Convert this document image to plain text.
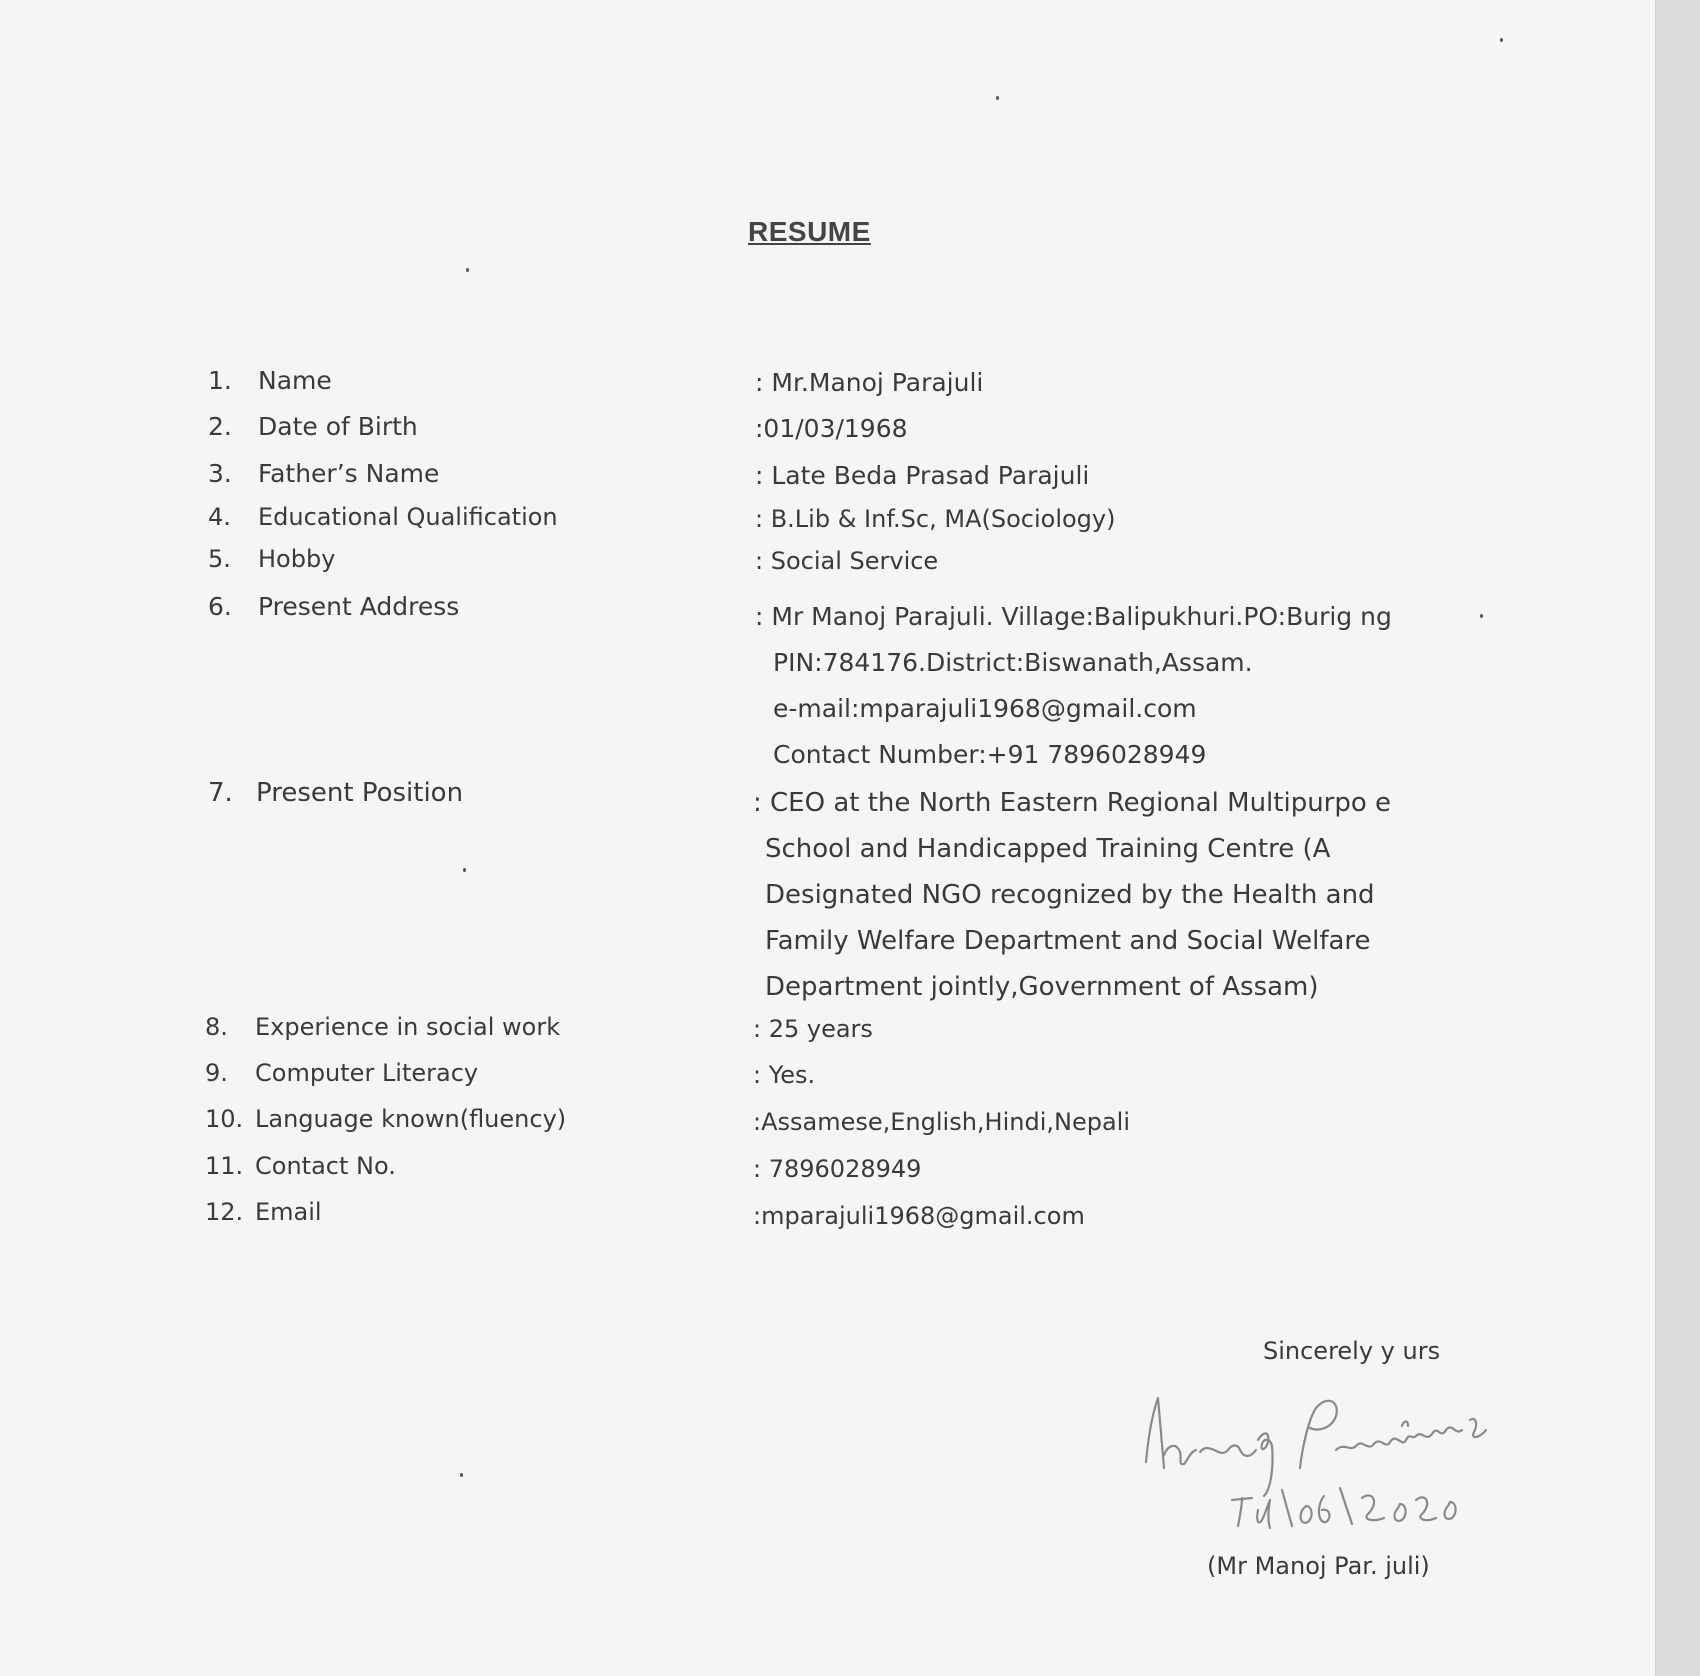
RESUME
1. Name	: Mr.Manoj Parajuli
2. Date of Birth	:01/03/1968
3. Father’s Name	: Late Beda Prasad Parajuli
4. Educational Qualification	: B.Lib & Inf.Sc, MA(Sociology)
5. Hobby	: Social Service
6. Present Address	: Mr Manoj Parajuli. Village:Balipukhuri.PO:Burig ng
PIN:784176.District:Biswanath,Assam.
e-mail:mparajuli1968@gmail.com
Contact Number:+91 7896028949
7. Present Position	: CEO at the North Eastern Regional Multipurpo e
School and Handicapped Training Centre (A
Designated NGO recognized by the Health and
Family Welfare Department and Social Welfare
Department jointly,Government of Assam)
8. Experience in social work	: 25 years
9. Computer Literacy	: Yes.
10. Language known(fluency)	:Assamese,English,Hindi,Nepali
11. Contact No.	: 7896028949
12. Email	:mparajuli1968@gmail.com
Sincerely y urs
(Mr Manoj Par. juli)
